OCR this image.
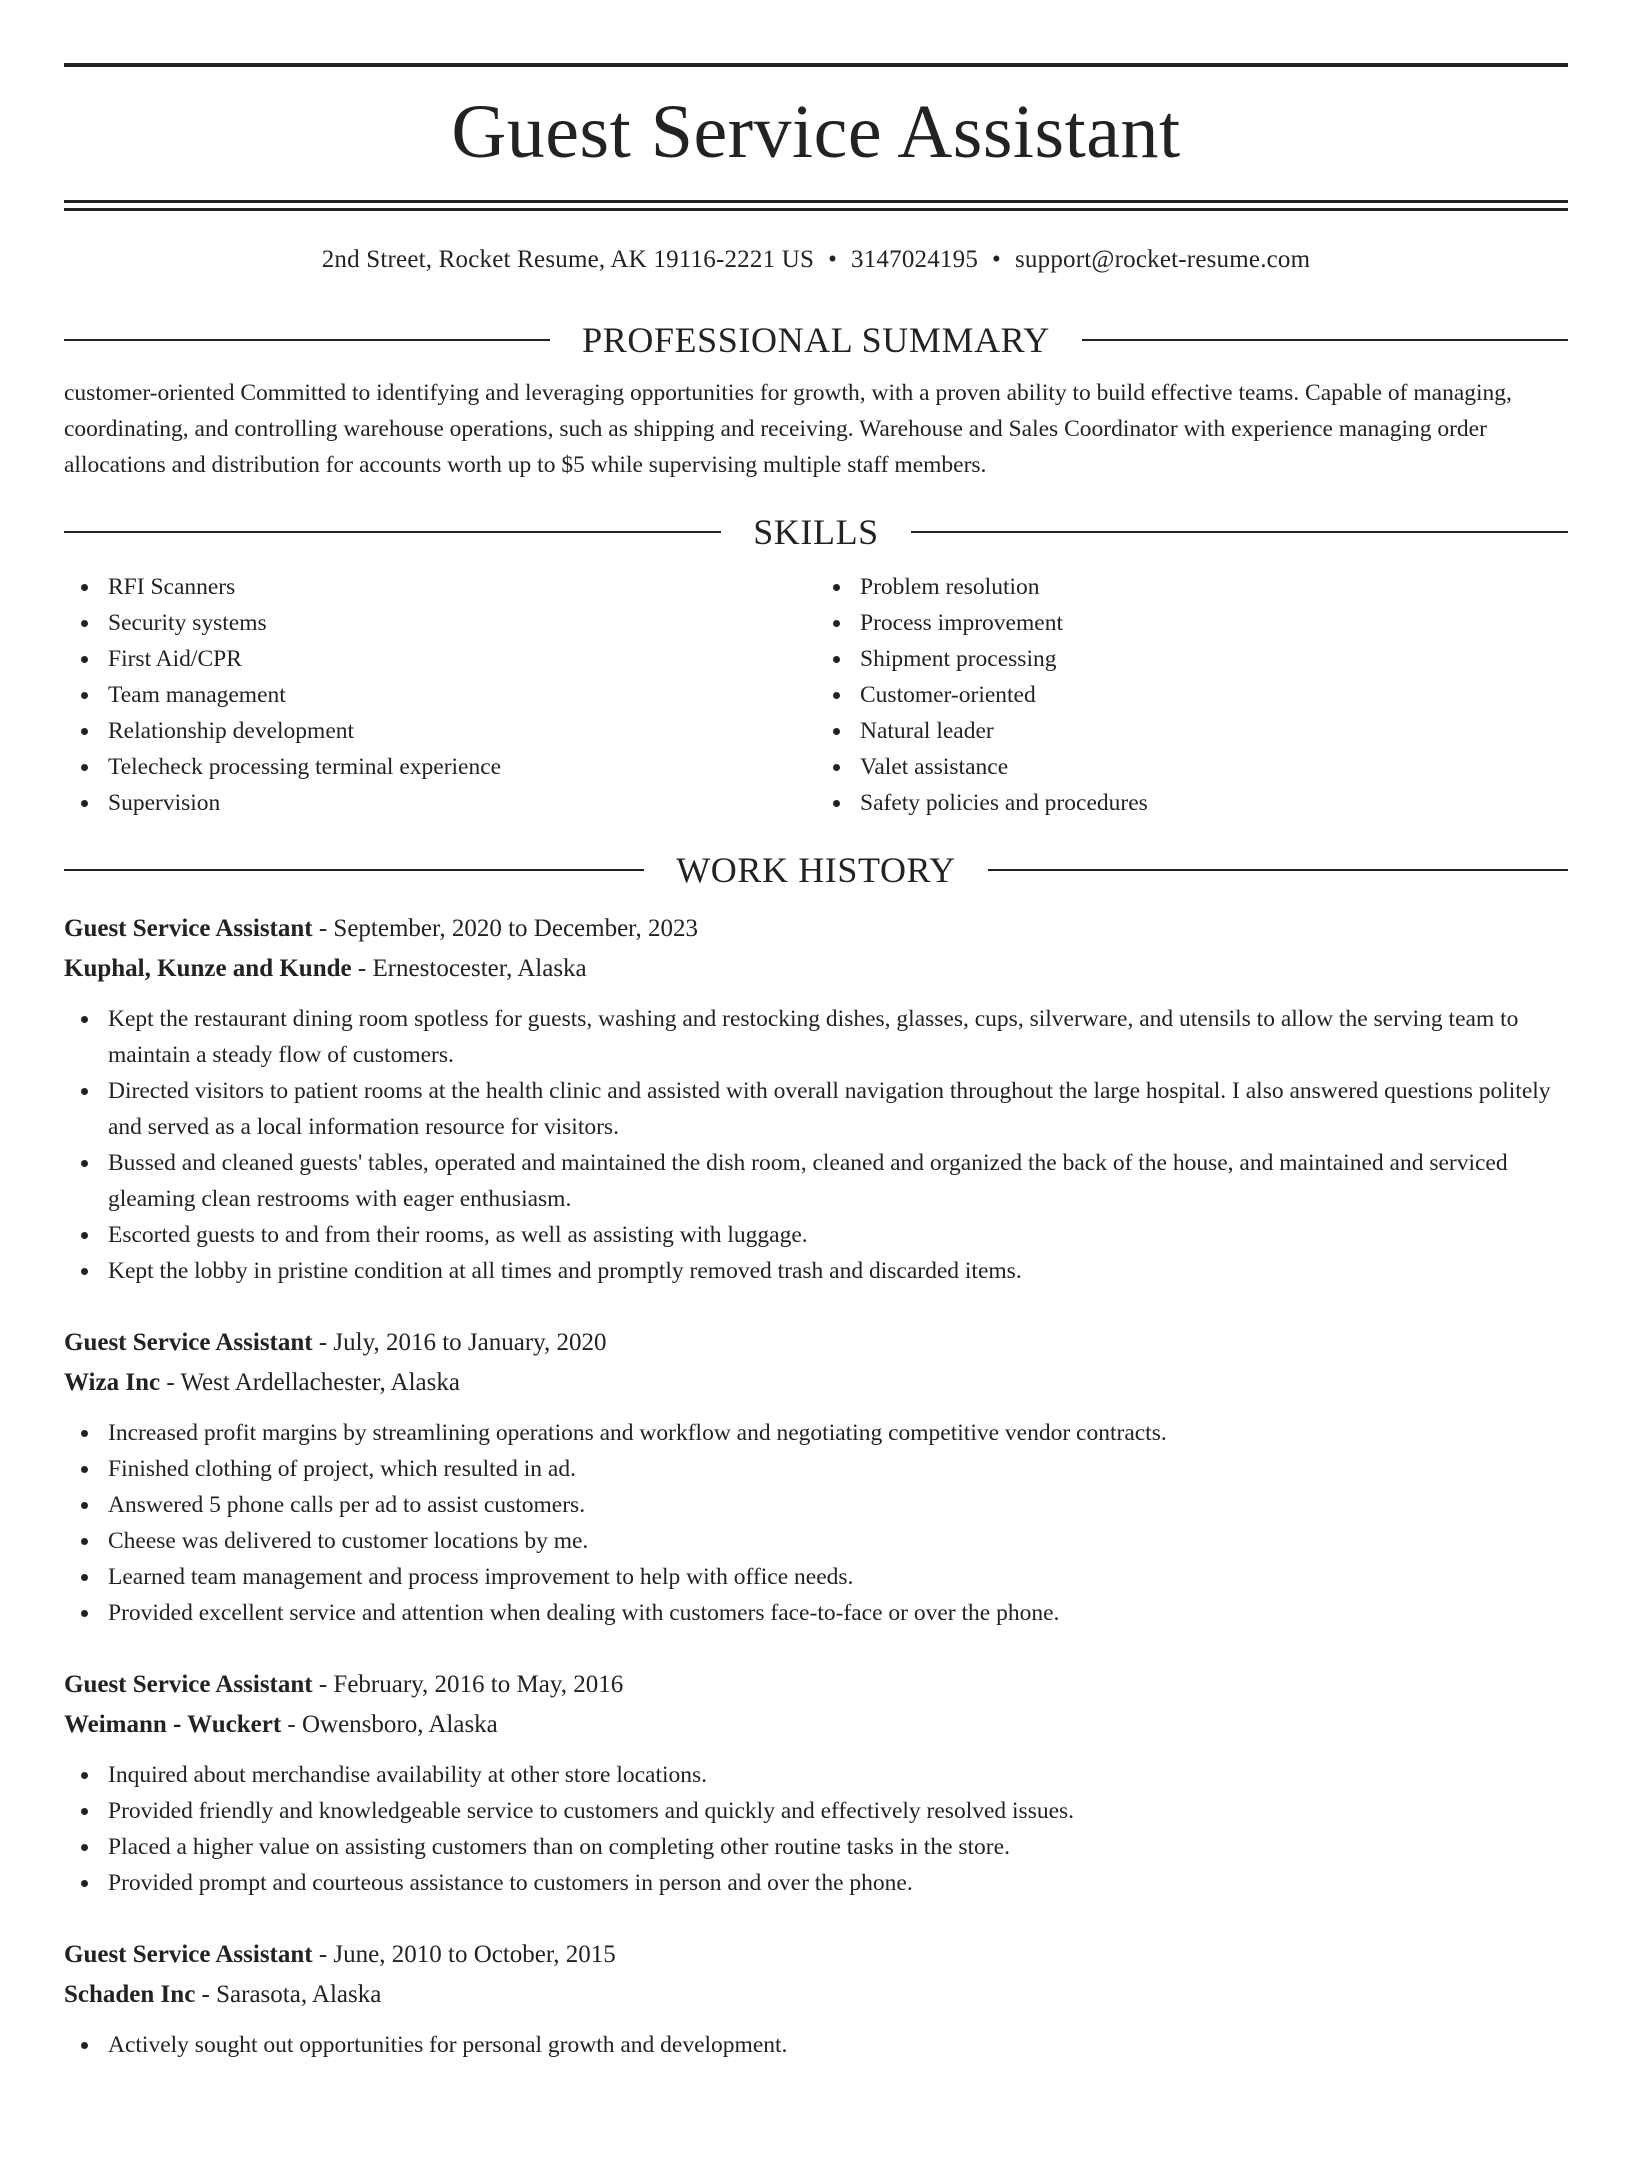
Guest Service Assistant
2nd Street, Rocket Resume, AK 19116-2221 US • 3147024195 • support@rocket-resume.com
PROFESSIONAL SUMMARY

customer-oriented Committed to identifying and leveraging opportunities for growth, with a proven ability to build effective teams. Capable of managing, coordinating, and controlling warehouse operations, such as shipping and receiving. Warehouse and Sales Coordinator with experience managing order allocations and distribution for accounts worth up to $5 while supervising multiple staff members.

SKILLS
RFI Scanners
Security systems
First Aid/CPR
Team management
Relationship development
Telecheck processing terminal experience
Supervision
Problem resolution
Process improvement
Shipment processing
Customer-oriented
Natural leader
Valet assistance
Safety policies and procedures
WORK HISTORY
Guest Service Assistant - September, 2020 to December, 2023
Kuphal, Kunze and Kunde - Ernestocester, Alaska
Kept the restaurant dining room spotless for guests, washing and restocking dishes, glasses, cups, silverware, and utensils to allow the serving team to maintain a steady flow of customers.
Directed visitors to patient rooms at the health clinic and assisted with overall navigation throughout the large hospital. I also answered questions politely and served as a local information resource for visitors.
Bussed and cleaned guests' tables, operated and maintained the dish room, cleaned and organized the back of the house, and maintained and serviced gleaming clean restrooms with eager enthusiasm.
Escorted guests to and from their rooms, as well as assisting with luggage.
Kept the lobby in pristine condition at all times and promptly removed trash and discarded items.
Guest Service Assistant - July, 2016 to January, 2020
Wiza Inc - West Ardellachester, Alaska
Increased profit margins by streamlining operations and workflow and negotiating competitive vendor contracts.
Finished clothing of project, which resulted in ad.
Answered 5 phone calls per ad to assist customers.
Cheese was delivered to customer locations by me.
Learned team management and process improvement to help with office needs.
Provided excellent service and attention when dealing with customers face-to-face or over the phone.
Guest Service Assistant - February, 2016 to May, 2016
Weimann - Wuckert - Owensboro, Alaska
Inquired about merchandise availability at other store locations.
Provided friendly and knowledgeable service to customers and quickly and effectively resolved issues.
Placed a higher value on assisting customers than on completing other routine tasks in the store.
Provided prompt and courteous assistance to customers in person and over the phone.
Guest Service Assistant - June, 2010 to October, 2015
Schaden Inc - Sarasota, Alaska
Actively sought out opportunities for personal growth and development.
